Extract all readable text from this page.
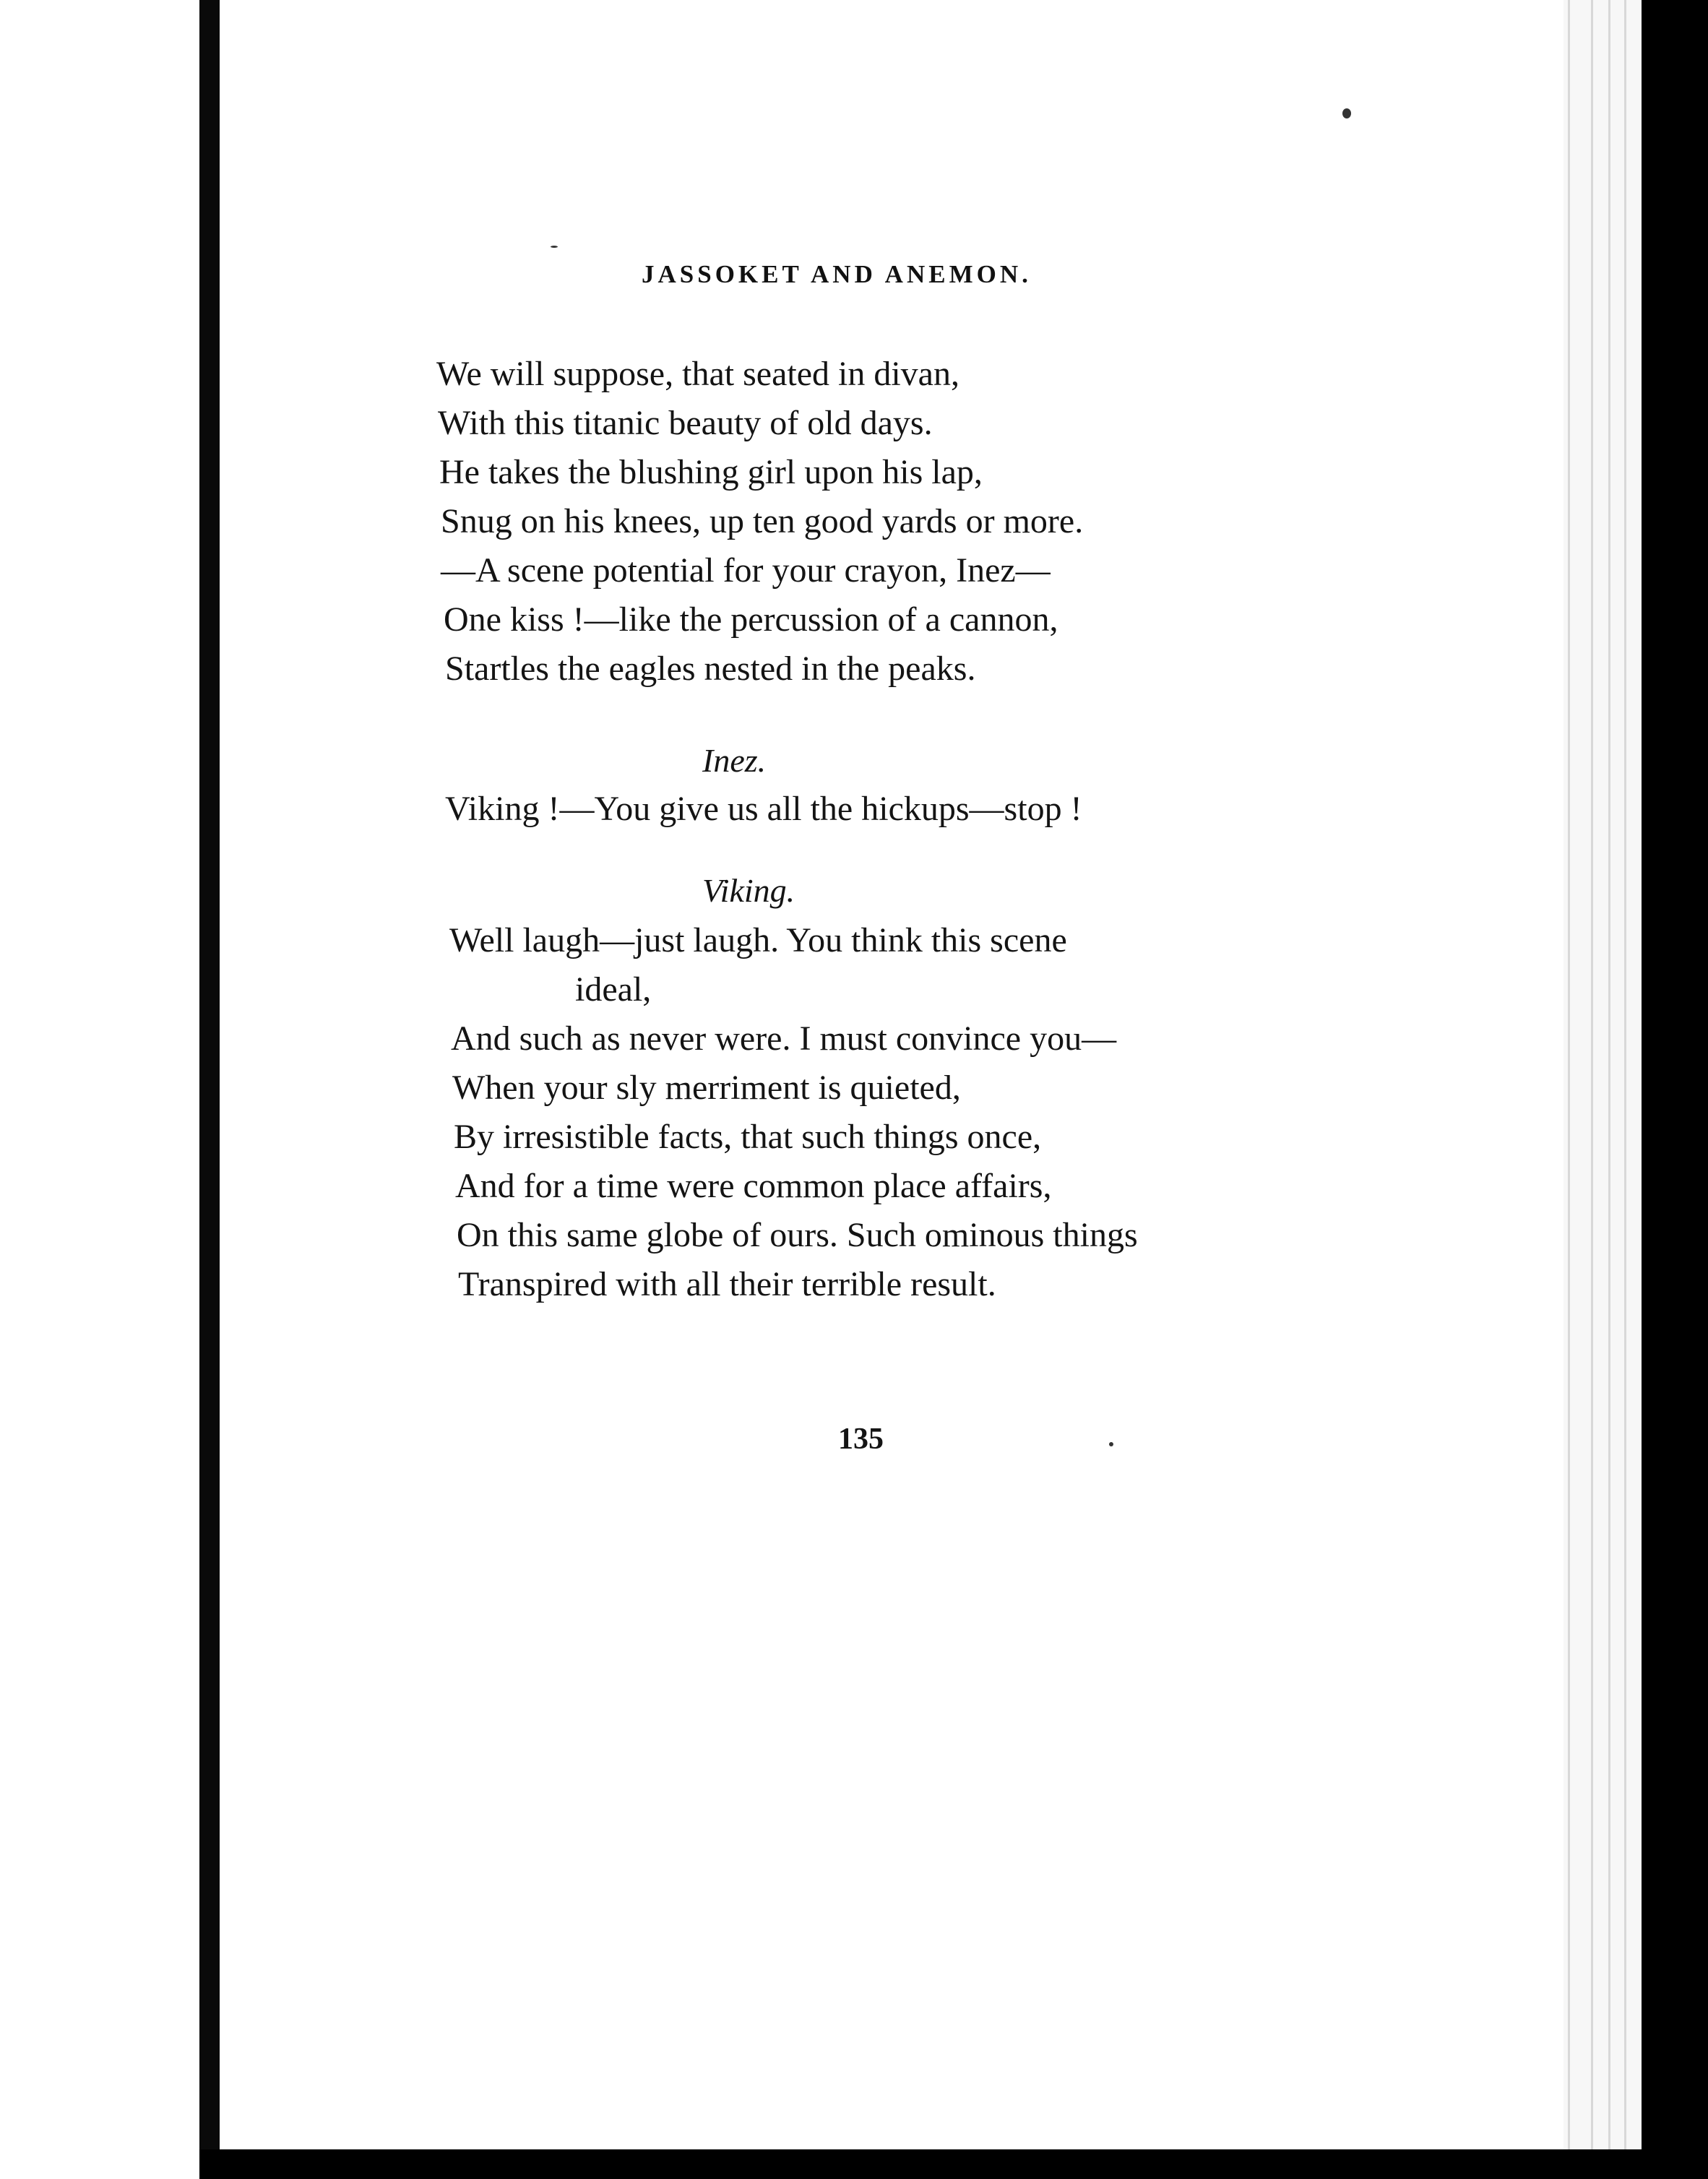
JASSOKET AND ANEMON.
We will suppose, that seated in divan,
With this titanic beauty of old days.
He takes the blushing girl upon his lap,
Snug on his knees, up ten good yards or more.
—A scene potential for your crayon, Inez—
One kiss !—like the percussion of a cannon,
Startles the eagles nested in the peaks.
Inez.
Viking !—You give us all the hickups—stop !
Viking.
Well laugh—just laugh. You think this scene
ideal,
And such as never were. I must convince you—
When your sly merriment is quieted,
By irresistible facts, that such things once,
And for a time were common place affairs,
On this same globe of ours. Such ominous things
Transpired with all their terrible result.
135
